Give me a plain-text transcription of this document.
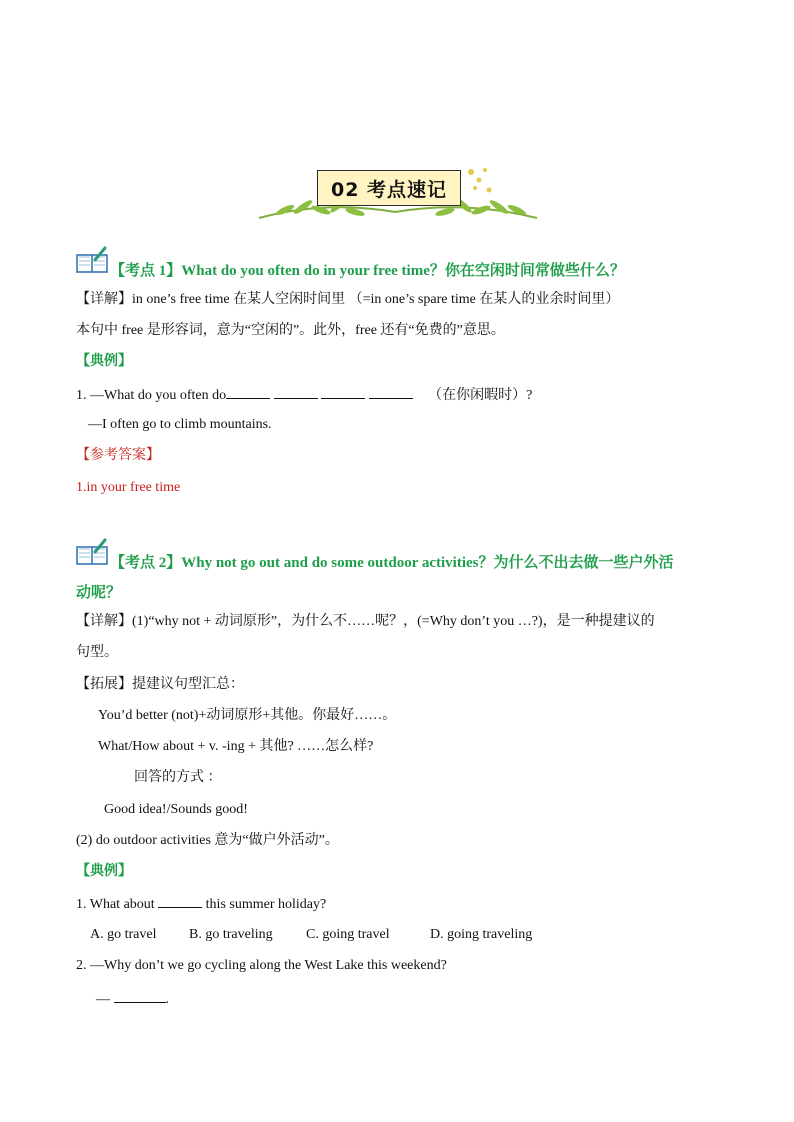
02 考点速记
【考点 1】What do you often do in your free time？你在空闲时间常做些什么？
【详解】in one’s free time 在某人空闲时间里 （=in one’s spare time 在某人的业余时间里）
本句中 free 是形容词，意为“空闲的”。此外，free 还有“免费的”意思。
【典例】
1. —What do you often do	（在你闲暇时）?
—I often go to climb mountains.
【参考答案】
1.in your free time
【考点 2】Why not go out and do some outdoor activities？为什么不出去做一些户外活
动呢？
【详解】(1)“why not + 动词原形”，为什么不……呢？，(=Why don’t you …?)，是一种提建议的
句型。
【拓展】提建议句型汇总：
You’d better (not)+动词原形+其他。你最好……。
What/How about + v. -ing + 其他? ……怎么样?
回答的方式 ：
Good idea!/Sounds good!
(2) do outdoor activities 意为“做户外活动”。
【典例】
1. What about	this summer holiday?
A. go travel B. go traveling C. going travel	D. going traveling
2. —Why don’t we go cycling along the West Lake this weekend?
—	.
